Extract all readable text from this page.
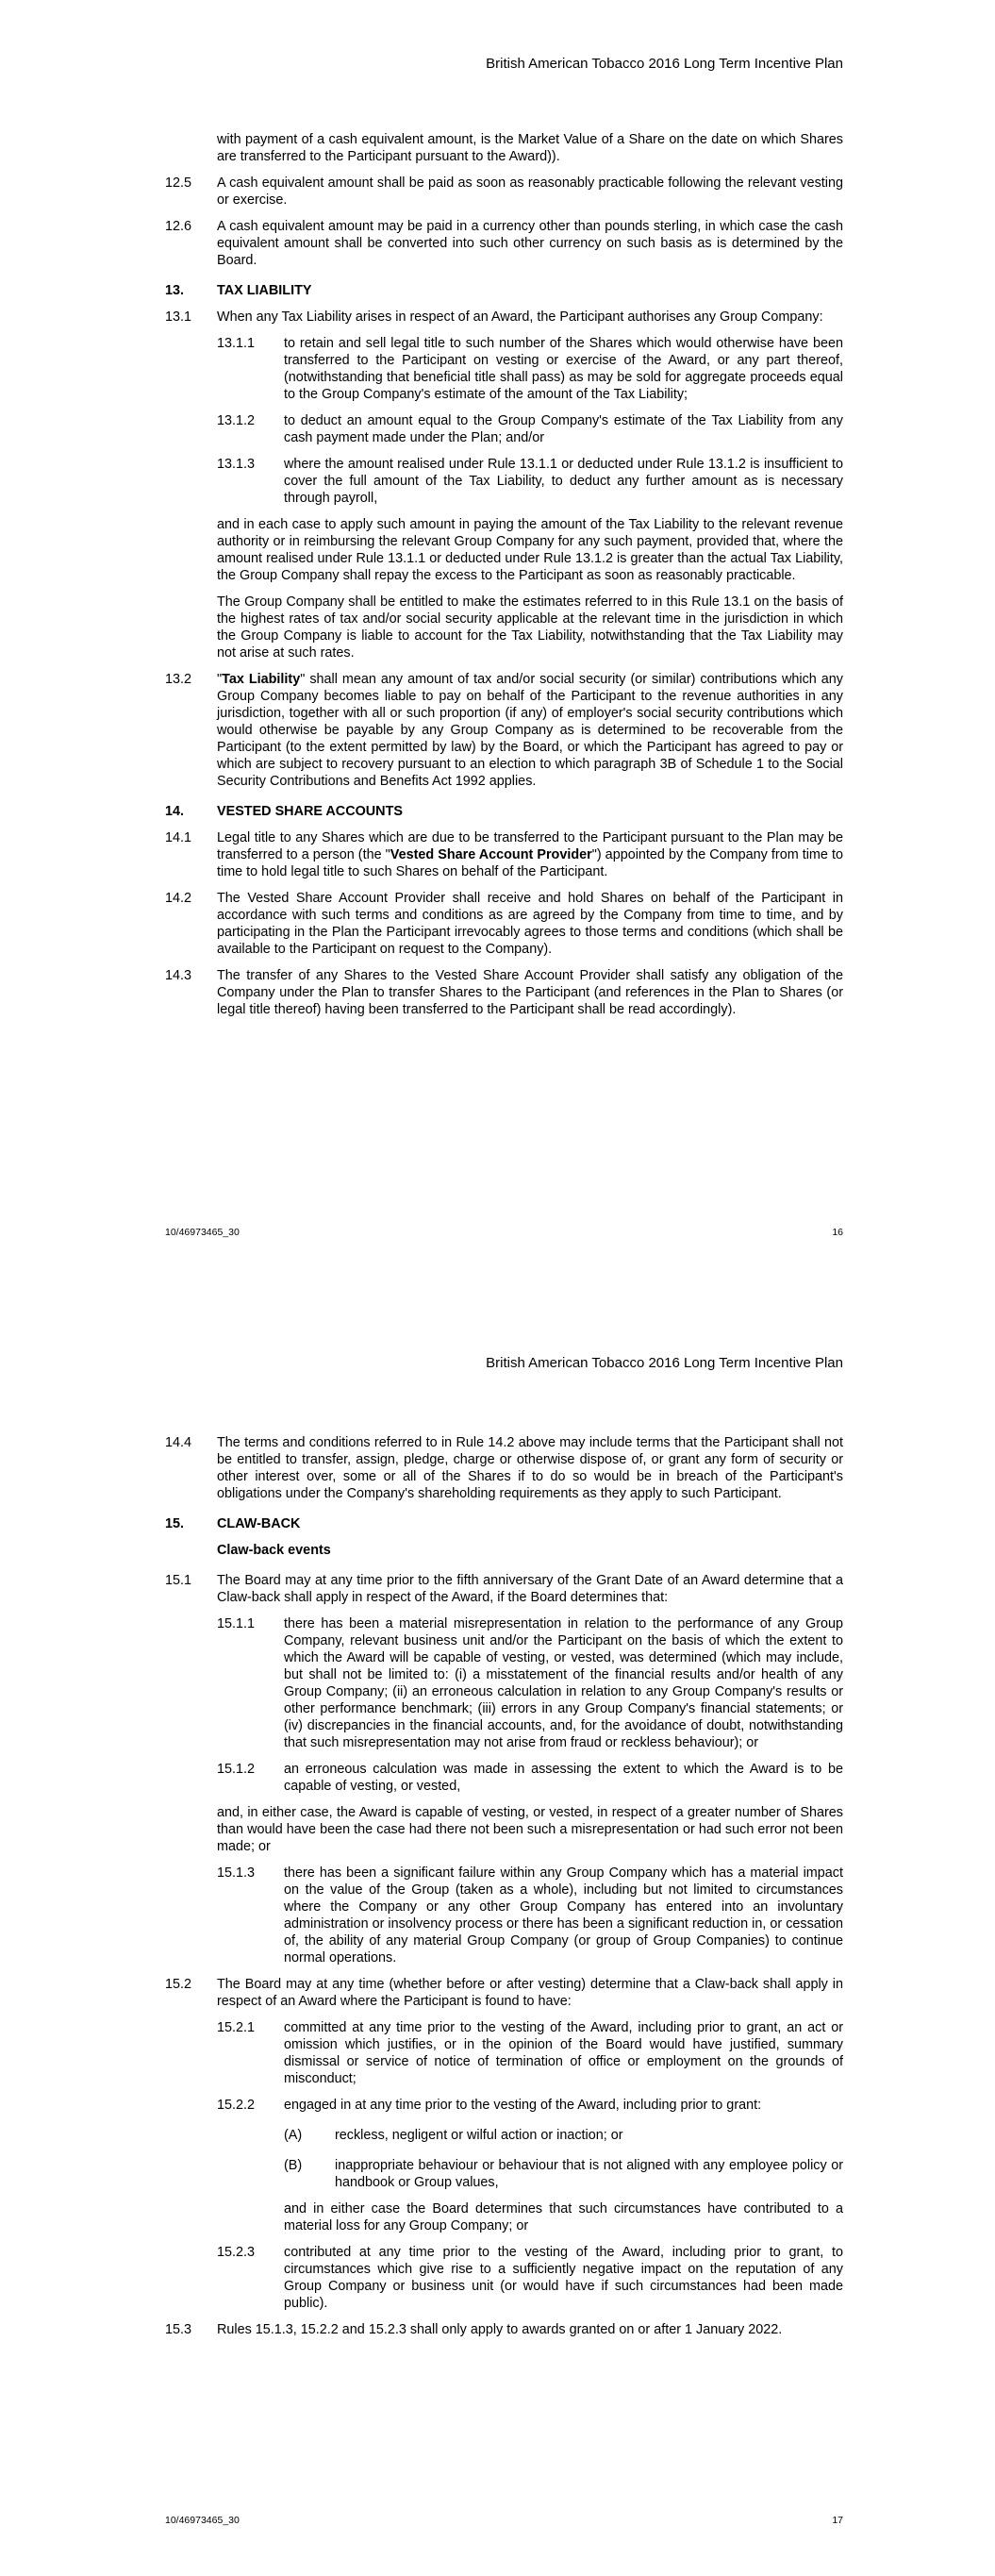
British American Tobacco 2016 Long Term Incentive Plan
with payment of a cash equivalent amount, is the Market Value of a Share on the date on which Shares are transferred to the Participant pursuant to the Award)).
12.5	A cash equivalent amount shall be paid as soon as reasonably practicable following the relevant vesting or exercise.
12.6	A cash equivalent amount may be paid in a currency other than pounds sterling, in which case the cash equivalent amount shall be converted into such other currency on such basis as is determined by the Board.
13.	TAX LIABILITY
13.1	When any Tax Liability arises in respect of an Award, the Participant authorises any Group Company:
13.1.1	to retain and sell legal title to such number of the Shares which would otherwise have been transferred to the Participant on vesting or exercise of the Award, or any part thereof, (notwithstanding that beneficial title shall pass) as may be sold for aggregate proceeds equal to the Group Company's estimate of the amount of the Tax Liability;
13.1.2	to deduct an amount equal to the Group Company's estimate of the Tax Liability from any cash payment made under the Plan; and/or
13.1.3	where the amount realised under Rule 13.1.1 or deducted under Rule 13.1.2 is insufficient to cover the full amount of the Tax Liability, to deduct any further amount as is necessary through payroll,
and in each case to apply such amount in paying the amount of the Tax Liability to the relevant revenue authority or in reimbursing the relevant Group Company for any such payment, provided that, where the amount realised under Rule 13.1.1 or deducted under Rule 13.1.2 is greater than the actual Tax Liability, the Group Company shall repay the excess to the Participant as soon as reasonably practicable.
The Group Company shall be entitled to make the estimates referred to in this Rule 13.1 on the basis of the highest rates of tax and/or social security applicable at the relevant time in the jurisdiction in which the Group Company is liable to account for the Tax Liability, notwithstanding that the Tax Liability may not arise at such rates.
13.2	"Tax Liability" shall mean any amount of tax and/or social security (or similar) contributions which any Group Company becomes liable to pay on behalf of the Participant to the revenue authorities in any jurisdiction, together with all or such proportion (if any) of employer's social security contributions which would otherwise be payable by any Group Company as is determined to be recoverable from the Participant (to the extent permitted by law) by the Board, or which the Participant has agreed to pay or which are subject to recovery pursuant to an election to which paragraph 3B of Schedule 1 to the Social Security Contributions and Benefits Act 1992 applies.
14.	VESTED SHARE ACCOUNTS
14.1	Legal title to any Shares which are due to be transferred to the Participant pursuant to the Plan may be transferred to a person (the "Vested Share Account Provider") appointed by the Company from time to time to hold legal title to such Shares on behalf of the Participant.
14.2	The Vested Share Account Provider shall receive and hold Shares on behalf of the Participant in accordance with such terms and conditions as are agreed by the Company from time to time, and by participating in the Plan the Participant irrevocably agrees to those terms and conditions (which shall be available to the Participant on request to the Company).
14.3	The transfer of any Shares to the Vested Share Account Provider shall satisfy any obligation of the Company under the Plan to transfer Shares to the Participant (and references in the Plan to Shares (or legal title thereof) having been transferred to the Participant shall be read accordingly).
10/46973465_30	16
British American Tobacco 2016 Long Term Incentive Plan
14.4	The terms and conditions referred to in Rule 14.2 above may include terms that the Participant shall not be entitled to transfer, assign, pledge, charge or otherwise dispose of, or grant any form of security or other interest over, some or all of the Shares if to do so would be in breach of the Participant's obligations under the Company's shareholding requirements as they apply to such Participant.
15.	CLAW-BACK
Claw-back events
15.1	The Board may at any time prior to the fifth anniversary of the Grant Date of an Award determine that a Claw-back shall apply in respect of the Award, if the Board determines that:
15.1.1	there has been a material misrepresentation in relation to the performance of any Group Company, relevant business unit and/or the Participant on the basis of which the extent to which the Award will be capable of vesting, or vested, was determined (which may include, but shall not be limited to: (i) a misstatement of the financial results and/or health of any Group Company; (ii) an erroneous calculation in relation to any Group Company's results or other performance benchmark; (iii) errors in any Group Company's financial statements; or (iv) discrepancies in the financial accounts, and, for the avoidance of doubt, notwithstanding that such misrepresentation may not arise from fraud or reckless behaviour); or
15.1.2	an erroneous calculation was made in assessing the extent to which the Award is to be capable of vesting, or vested,
and, in either case, the Award is capable of vesting, or vested, in respect of a greater number of Shares than would have been the case had there not been such a misrepresentation or had such error not been made; or
15.1.3	there has been a significant failure within any Group Company which has a material impact on the value of the Group (taken as a whole), including but not limited to circumstances where the Company or any other Group Company has entered into an involuntary administration or insolvency process or there has been a significant reduction in, or cessation of, the ability of any material Group Company (or group of Group Companies) to continue normal operations.
15.2	The Board may at any time (whether before or after vesting) determine that a Claw-back shall apply in respect of an Award where the Participant is found to have:
15.2.1	committed at any time prior to the vesting of the Award, including prior to grant, an act or omission which justifies, or in the opinion of the Board would have justified, summary dismissal or service of notice of termination of office or employment on the grounds of misconduct;
15.2.2	engaged in at any time prior to the vesting of the Award, including prior to grant:
(A)	reckless, negligent or wilful action or inaction; or
(B)	inappropriate behaviour or behaviour that is not aligned with any employee policy or handbook or Group values,
and in either case the Board determines that such circumstances have contributed to a material loss for any Group Company; or
15.2.3	contributed at any time prior to the vesting of the Award, including prior to grant, to circumstances which give rise to a sufficiently negative impact on the reputation of any Group Company or business unit (or would have if such circumstances had been made public).
15.3	Rules 15.1.3, 15.2.2 and 15.2.3 shall only apply to awards granted on or after 1 January 2022.
10/46973465_30	17
